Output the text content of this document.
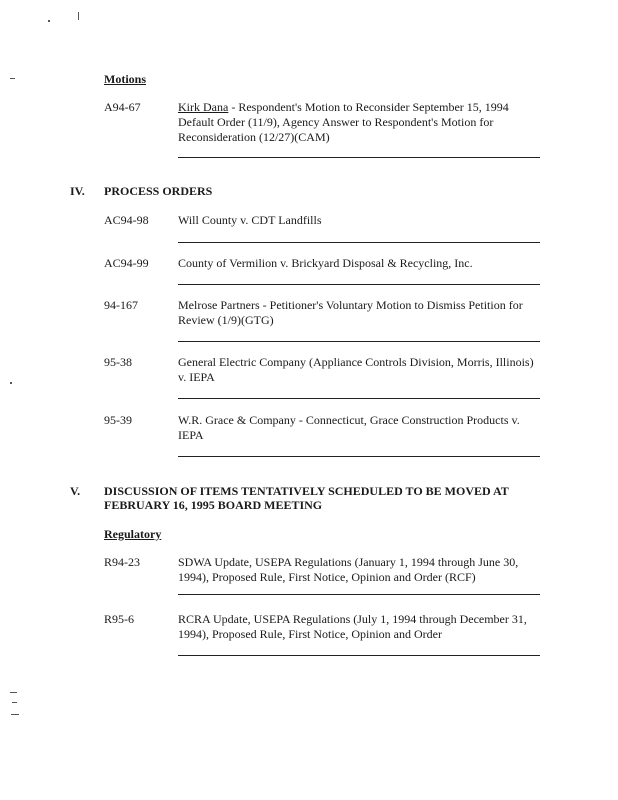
Motions
A94-67	Kirk Dana - Respondent's Motion to Reconsider September 15, 1994 Default Order (11/9), Agency Answer to Respondent's Motion for Reconsideration (12/27)(CAM)
IV. PROCESS ORDERS
AC94-98 Will County v. CDT Landfills
AC94-99 County of Vermilion v. Brickyard Disposal & Recycling, Inc.
94-167	Melrose Partners - Petitioner's Voluntary Motion to Dismiss Petition for Review (1/9)(GTG)
95-38	General Electric Company (Appliance Controls Division, Morris, Illinois) v. IEPA
95-39	W.R. Grace & Company - Connecticut, Grace Construction Products v. IEPA
V. DISCUSSION OF ITEMS TENTATIVELY SCHEDULED TO BE MOVED AT
FEBRUARY 16, 1995 BOARD MEETING
Regulatory
R94-23	SDWA Update, USEPA Regulations (January 1, 1994 through June 30, 1994), Proposed Rule, First Notice, Opinion and Order (RCF)
R95-6	RCRA Update, USEPA Regulations (July 1, 1994 through December 31, 1994), Proposed Rule, First Notice, Opinion and Order
